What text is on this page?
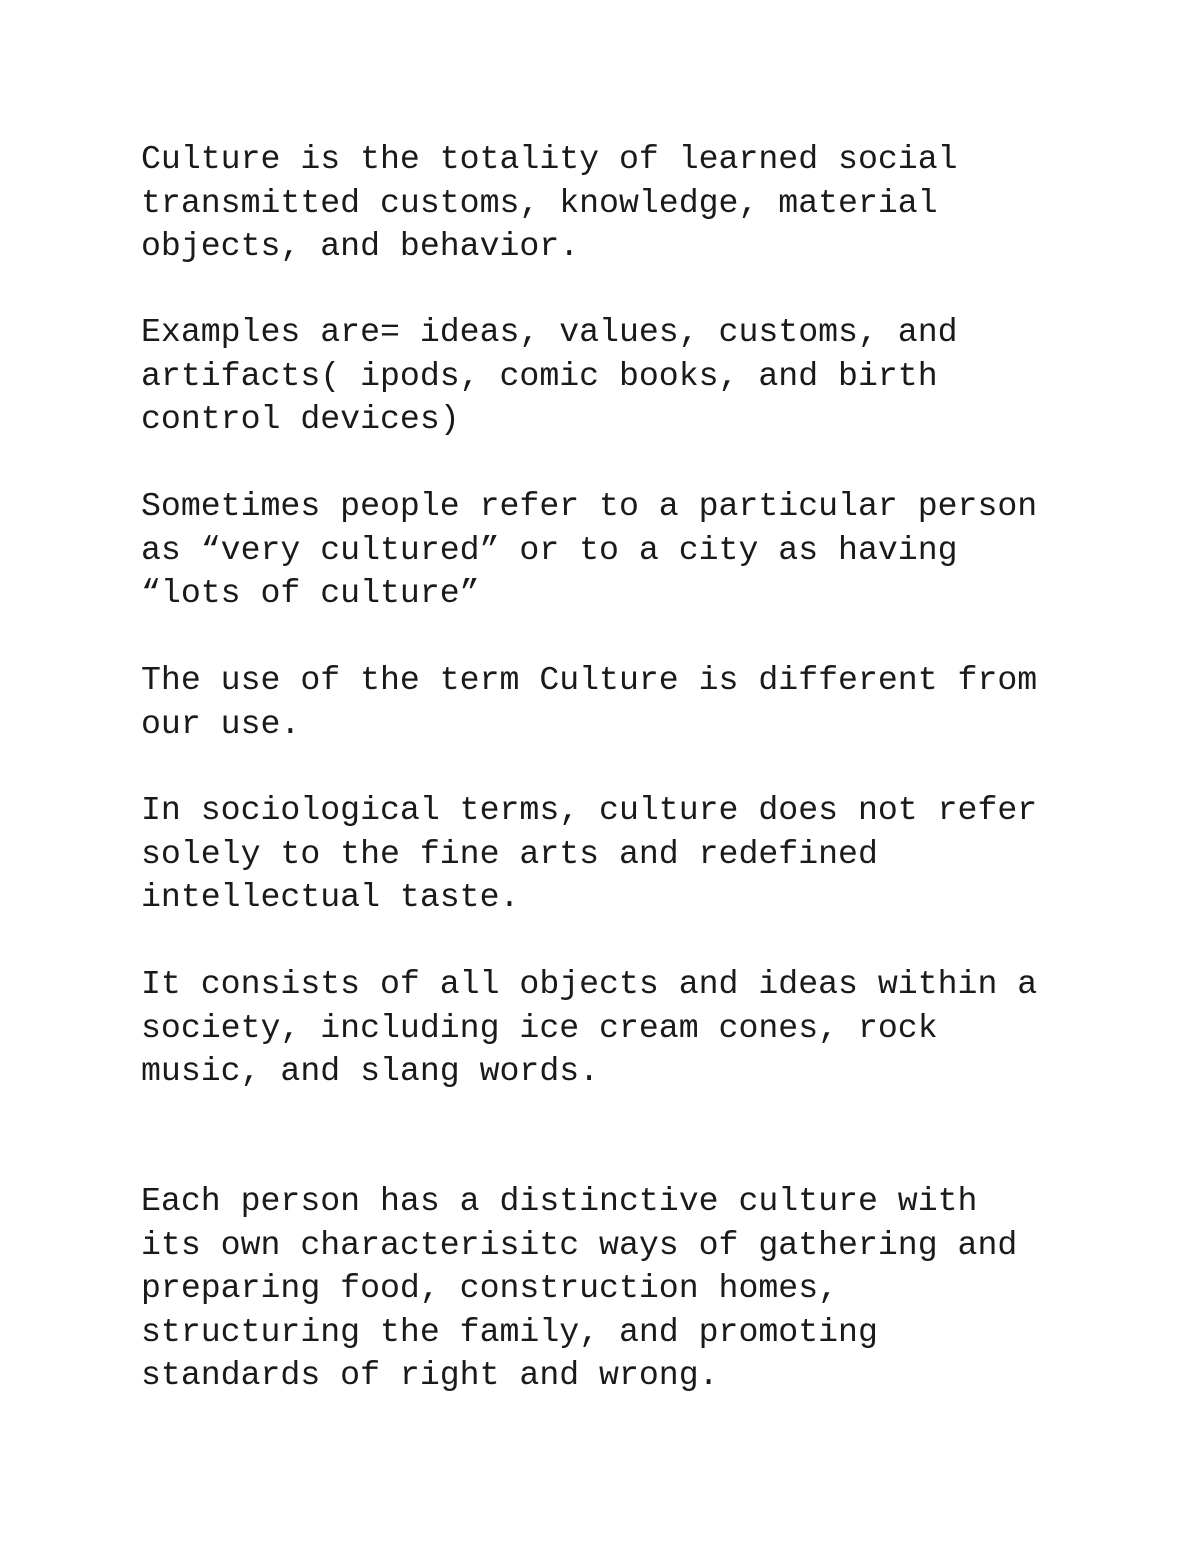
Culture is the totality of learned social
transmitted customs, knowledge, material
objects, and behavior.

Examples are= ideas, values, customs, and
artifacts( ipods, comic books, and birth
control devices)

Sometimes people refer to a particular person
as “very cultured” or to a city as having
“lots of culture”

The use of the term Culture is different from
our use.

In sociological terms, culture does not refer
solely to the fine arts and redefined
intellectual taste.

It consists of all objects and ideas within a
society, including ice cream cones, rock
music, and slang words.

Each person has a distinctive culture with
its own characterisitc ways of gathering and
preparing food, construction homes,
structuring the family, and promoting
standards of right and wrong.
